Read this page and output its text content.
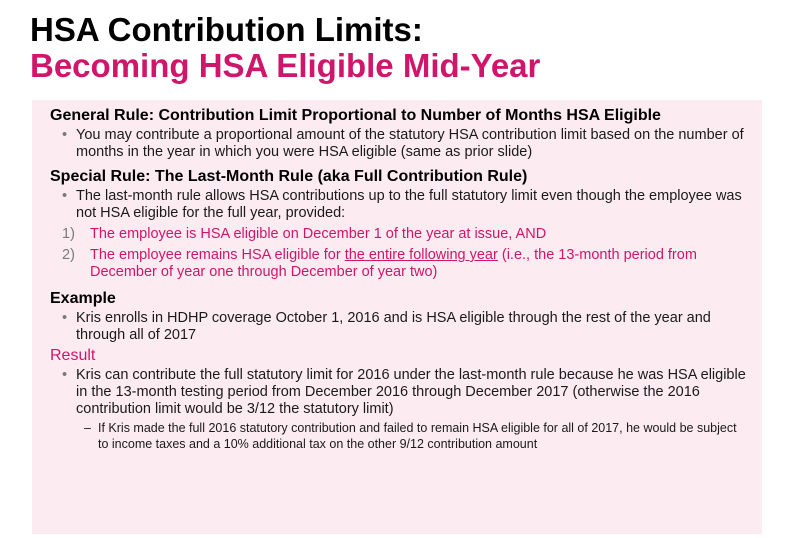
HSA Contribution Limits:
Becoming HSA Eligible Mid-Year
General Rule: Contribution Limit Proportional to Number of Months HSA Eligible
• You may contribute a proportional amount of the statutory HSA contribution limit based on the number of months in the year in which you were HSA eligible (same as prior slide)
Special Rule: The Last-Month Rule (aka Full Contribution Rule)
• The last-month rule allows HSA contributions up to the full statutory limit even though the employee was not HSA eligible for the full year, provided:
1) The employee is HSA eligible on December 1 of the year at issue, AND
2) The employee remains HSA eligible for the entire following year (i.e., the 13-month period from December of year one through December of year two)
Example
• Kris enrolls in HDHP coverage October 1, 2016 and is HSA eligible through the rest of the year and through all of 2017
Result
• Kris can contribute the full statutory limit for 2016 under the last-month rule because he was HSA eligible in the 13-month testing period from December 2016 through December 2017 (otherwise the 2016 contribution limit would be 3/12 the statutory limit)
– If Kris made the full 2016 statutory contribution and failed to remain HSA eligible for all of 2017, he would be subject to income taxes and a 10% additional tax on the other 9/12 contribution amount
